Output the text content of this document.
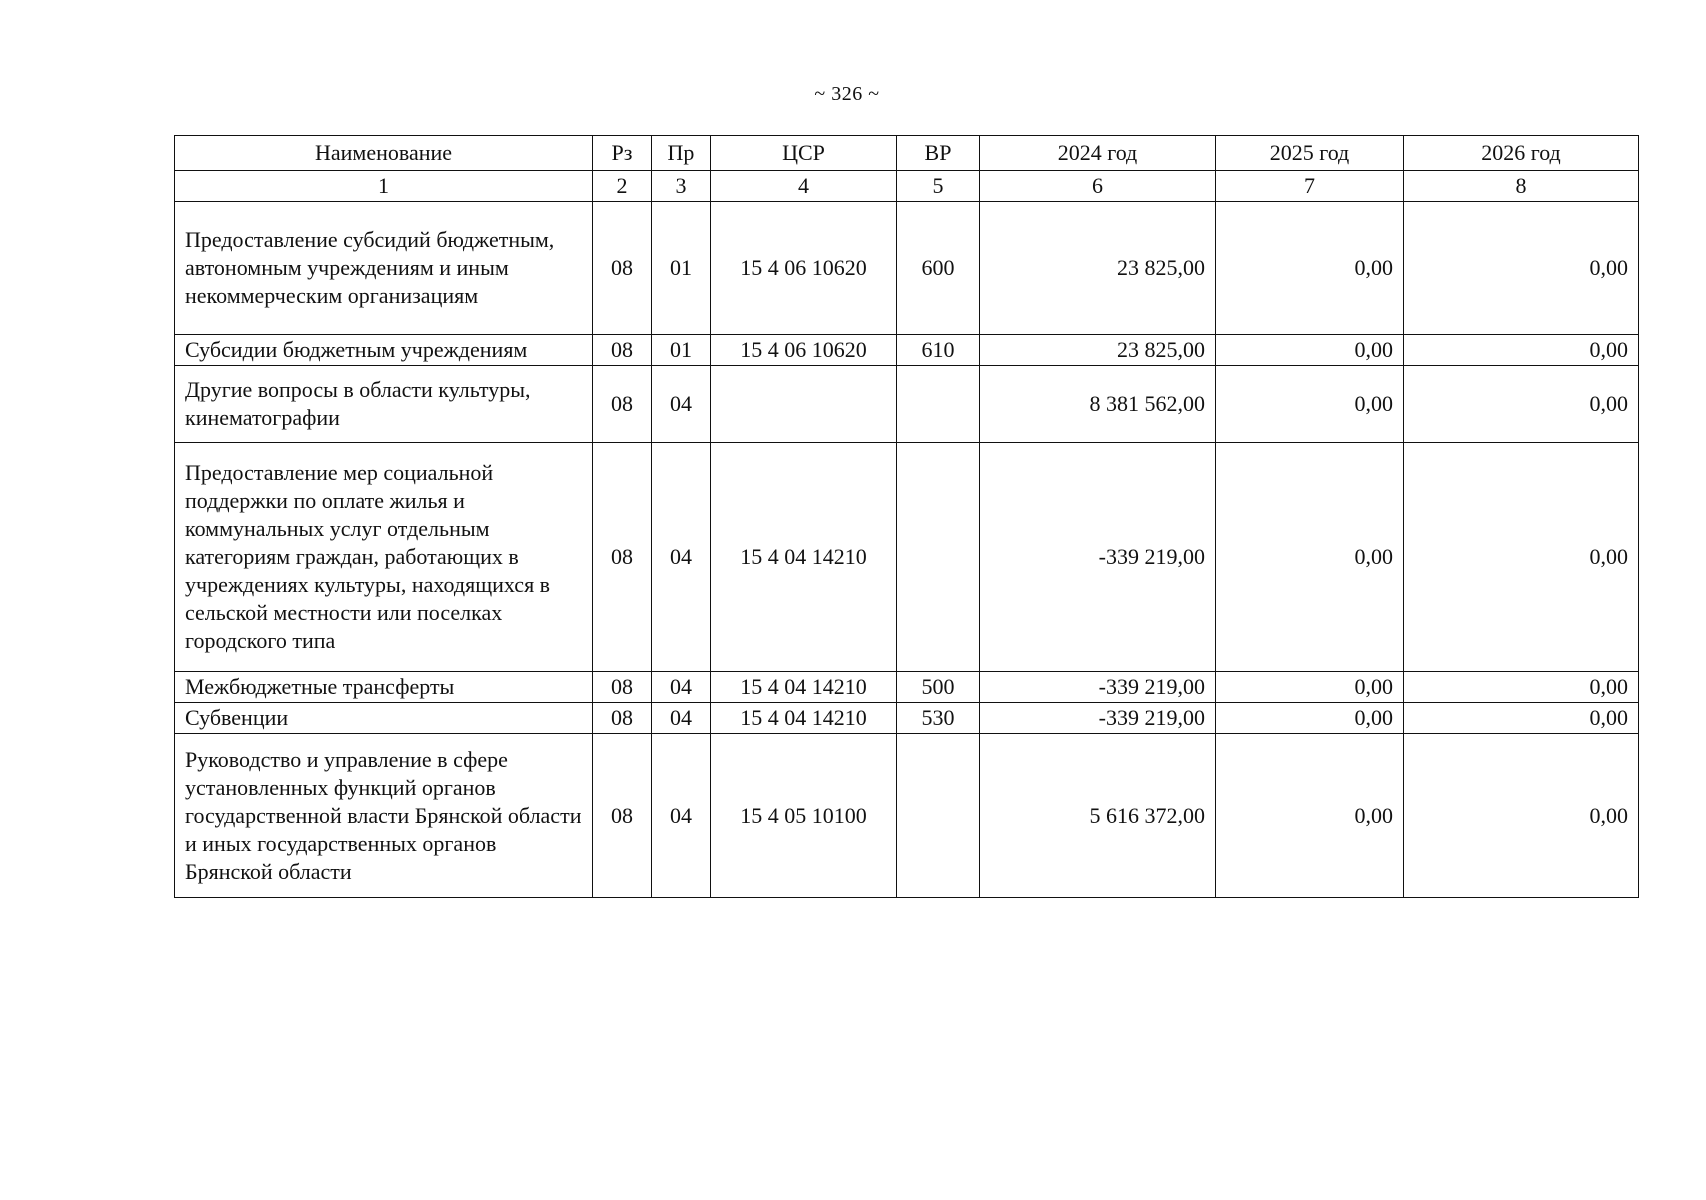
~ 326 ~
Наименование	Рз	Пр	ЦСР	ВР	2024 год	2025 год	2026 год
1	2	3	4	5	6	7	8
Предоставление субсидий бюджетным, автономным учреждениям и иным некоммерческим организациям	08	01	15 4 06 10620	600	23 825,00	0,00	0,00
Субсидии бюджетным учреждениям	08	01	15 4 06 10620	610	23 825,00	0,00	0,00
Другие вопросы в области культуры, кинематографии	08	04			8 381 562,00	0,00	0,00
Предоставление мер социальной поддержки по оплате жилья и коммунальных услуг отдельным категориям граждан, работающих в учреждениях культуры, находящихся в сельской местности или поселках городского типа	08	04	15 4 04 14210		-339 219,00	0,00	0,00
Межбюджетные трансферты	08	04	15 4 04 14210	500	-339 219,00	0,00	0,00
Субвенции	08	04	15 4 04 14210	530	-339 219,00	0,00	0,00
Руководство и управление в сфере установленных функций органов государственной власти Брянской области и иных государственных органов Брянской области	08	04	15 4 05 10100		5 616 372,00	0,00	0,00
